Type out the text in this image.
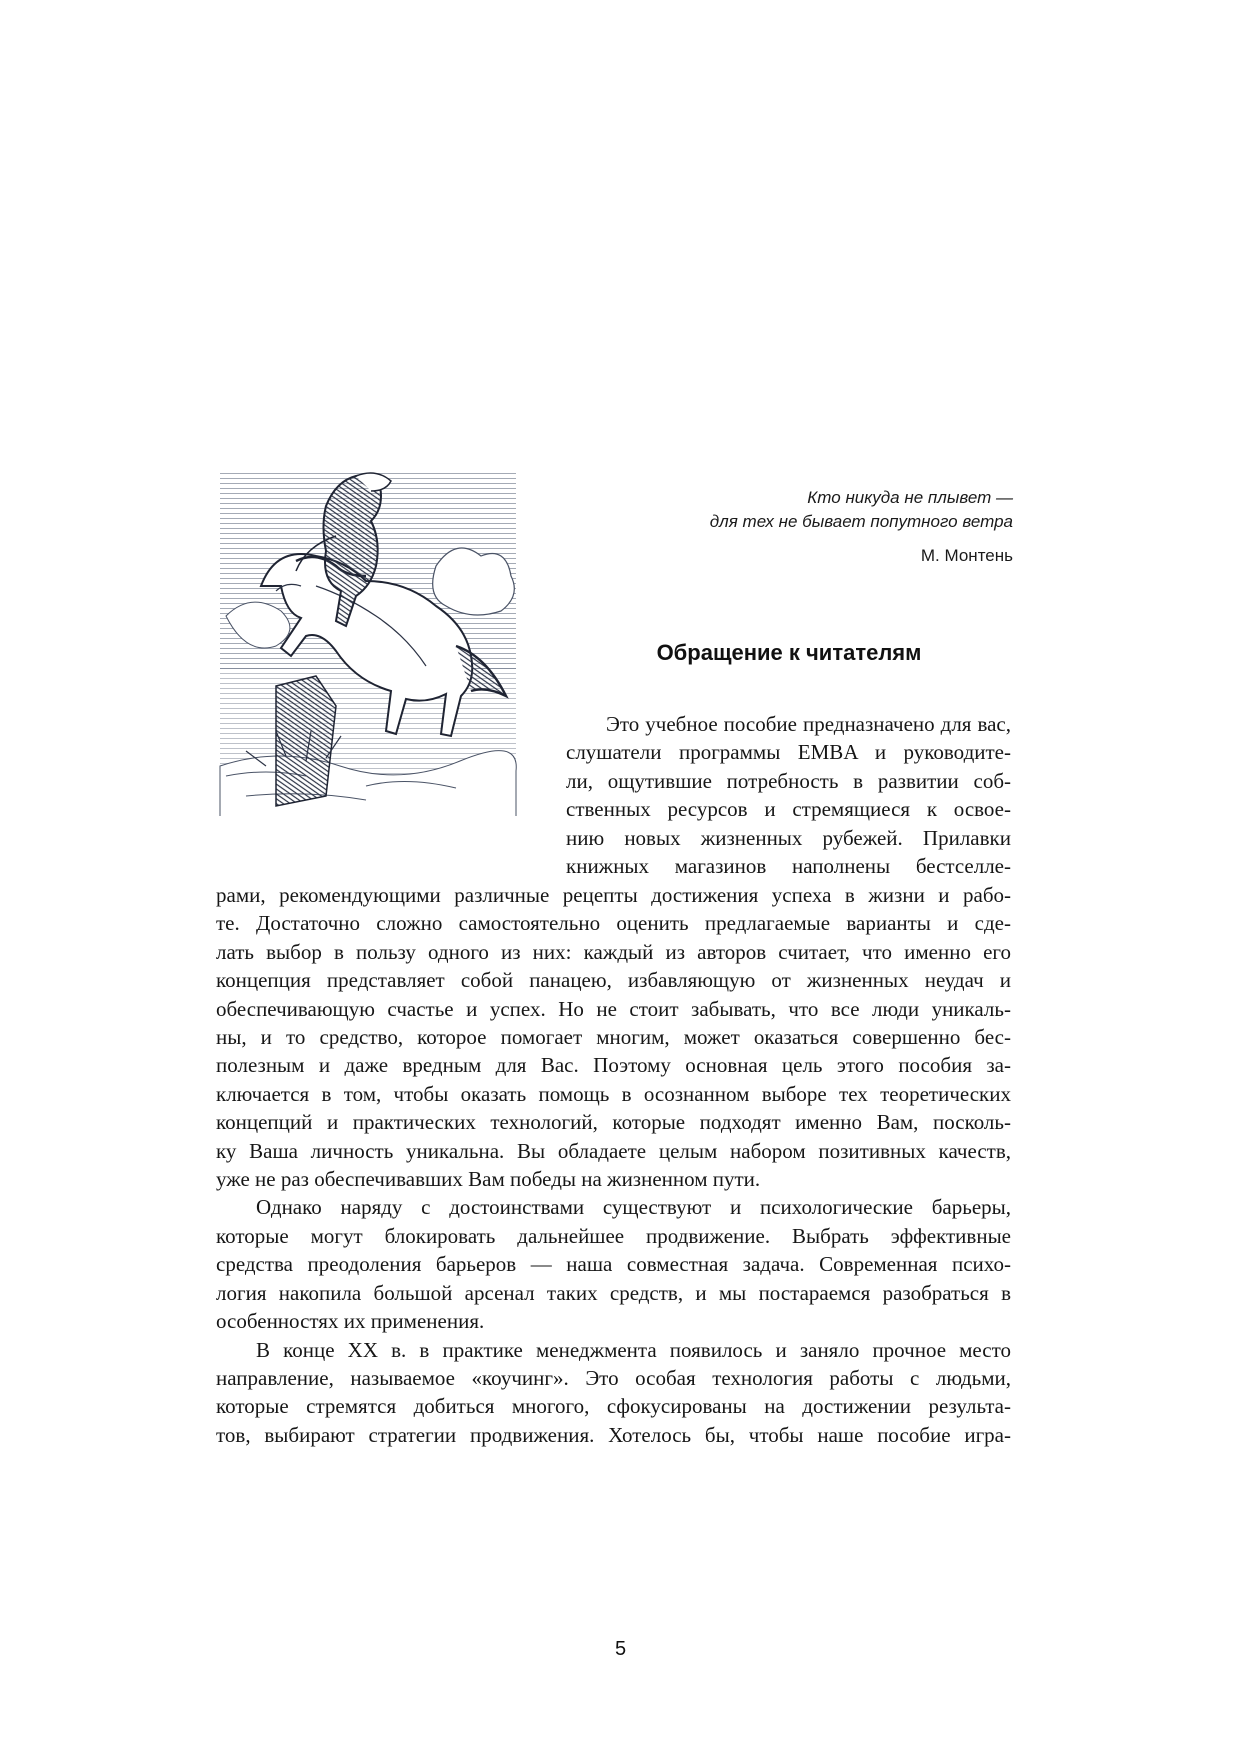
Кто никуда не плывет —
для тех не бывает попутного ветра
М. Монтень
Обращение к читателям
Это учебное пособие предназначено для вас,
слушатели программы EMBA и руководите-
ли, ощутившие потребность в развитии соб-
ственных ресурсов и стремящиеся к освое-
нию новых жизненных рубежей. Прилавки
книжных магазинов наполнены бестселле-
рами, рекомендующими различные рецепты достижения успеха в жизни и рабо-
те. Достаточно сложно самостоятельно оценить предлагаемые варианты и сде-
лать выбор в пользу одного из них: каждый из авторов считает, что именно его
концепция представляет собой панацею, избавляющую от жизненных неудач и
обеспечивающую счастье и успех. Но не стоит забывать, что все люди уникаль-
ны, и то средство, которое помогает многим, может оказаться совершенно бес-
полезным и даже вредным для Вас. Поэтому основная цель этого пособия за-
ключается в том, чтобы оказать помощь в осознанном выборе тех теоретических
концепций и практических технологий, которые подходят именно Вам, посколь-
ку Ваша личность уникальна. Вы обладаете целым набором позитивных качеств,
уже не раз обеспечивавших Вам победы на жизненном пути.
Однако наряду с достоинствами существуют и психологические барьеры,
которые могут блокировать дальнейшее продвижение. Выбрать эффективные
средства преодоления барьеров — наша совместная задача. Современная психо-
логия накопила большой арсенал таких средств, и мы постараемся разобраться в
особенностях их применения.
В конце XX в. в практике менеджмента появилось и заняло прочное место
направление, называемое «коучинг». Это особая технология работы с людьми,
которые стремятся добиться многого, сфокусированы на достижении результа-
тов, выбирают стратегии продвижения. Хотелось бы, чтобы наше пособие игра-
5
